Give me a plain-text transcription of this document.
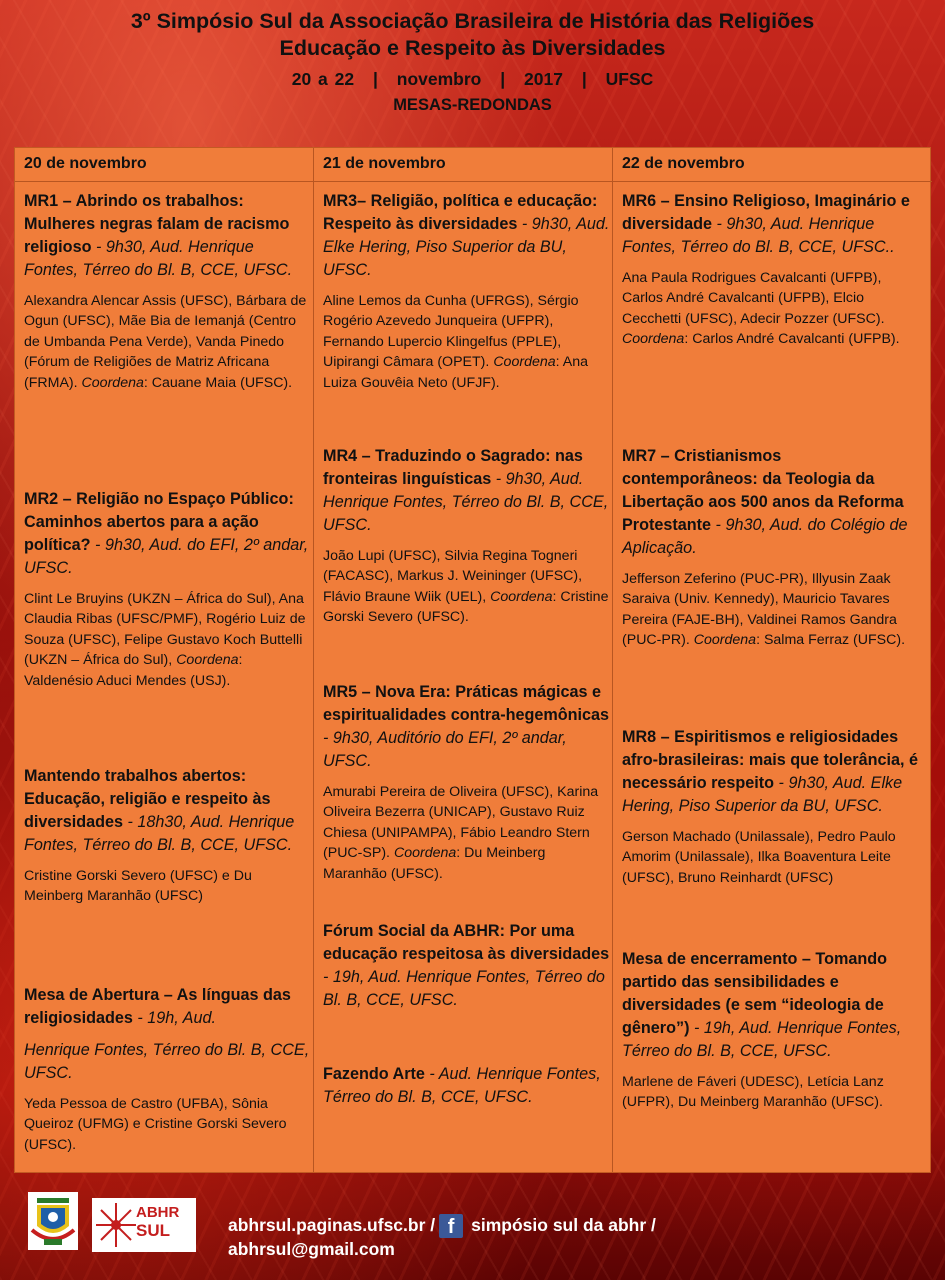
3º Simpósio Sul da Associação Brasileira de História das Religiões
Educação e Respeito às Diversidades
20 a 22 | novembro | 2017 | UFSC
MESAS-REDONDAS
20 de novembro
MR1 – Abrindo os trabalhos: Mulheres negras falam de racismo religioso - 9h30, Aud. Henrique Fontes, Térreo do Bl. B, CCE, UFSC.
Alexandra Alencar Assis (UFSC), Bárbara de Ogun (UFSC), Mãe Bia de Iemanjá (Centro de Umbanda Pena Verde), Vanda Pinedo (Fórum de Religiões de Matriz Africana (FRMA). Coordena: Cauane Maia (UFSC).
MR2 – Religião no Espaço Público: Caminhos abertos para a ação política? - 9h30, Aud. do EFI, 2º andar, UFSC.
Clint Le Bruyins (UKZN – África do Sul), Ana Claudia Ribas (UFSC/PMF), Rogério Luiz de Souza (UFSC), Felipe Gustavo Koch Buttelli (UKZN – África do Sul), Coordena: Valdenésio Aduci Mendes (USJ).
Mantendo trabalhos abertos: Educação, religião e respeito às diversidades - 18h30, Aud. Henrique Fontes, Térreo do Bl. B, CCE, UFSC.
Cristine Gorski Severo (UFSC) e Du Meinberg Maranhão (UFSC)
Mesa de Abertura – As línguas das religiosidades - 19h, Aud.
Henrique Fontes, Térreo do Bl. B, CCE, UFSC.
Yeda Pessoa de Castro (UFBA), Sônia Queiroz (UFMG) e Cristine Gorski Severo (UFSC).
21 de novembro
MR3– Religião, política e educação: Respeito às diversidades - 9h30, Aud. Elke Hering, Piso Superior da BU, UFSC.
Aline Lemos da Cunha (UFRGS), Sérgio Rogério Azevedo Junqueira (UFPR), Fernando Lupercio Klingelfus (PPLE), Uipirangi Câmara (OPET). Coordena: Ana Luiza Gouvêia Neto (UFJF).
MR4 – Traduzindo o Sagrado: nas fronteiras linguísticas - 9h30, Aud. Henrique Fontes, Térreo do Bl. B, CCE, UFSC.
João Lupi (UFSC), Silvia Regina Togneri (FACASC), Markus J. Weininger (UFSC), Flávio Braune Wiik (UEL), Coordena: Cristine Gorski Severo (UFSC).
MR5 – Nova Era: Práticas mágicas e espiritualidades contra-hegemônicas - 9h30, Auditório do EFI, 2º andar, UFSC.
Amurabi Pereira de Oliveira (UFSC), Karina Oliveira Bezerra (UNICAP), Gustavo Ruiz Chiesa (UNIPAMPA), Fábio Leandro Stern (PUC-SP). Coordena: Du Meinberg Maranhão (UFSC).
Fórum Social da ABHR: Por uma educação respeitosa às diversidades - 19h, Aud. Henrique Fontes, Térreo do Bl. B, CCE, UFSC.
Fazendo Arte - Aud. Henrique Fontes, Térreo do Bl. B, CCE, UFSC.
22 de novembro
MR6 – Ensino Religioso, Imaginário e diversidade - 9h30, Aud. Henrique Fontes, Térreo do Bl. B, CCE, UFSC..
Ana Paula Rodrigues Cavalcanti (UFPB), Carlos André Cavalcanti (UFPB), Elcio Cecchetti (UFSC), Adecir Pozzer (UFSC). Coordena: Carlos André Cavalcanti (UFPB).
MR7 – Cristianismos contemporâneos: da Teologia da Libertação aos 500 anos da Reforma Protestante - 9h30, Aud. do Colégio de Aplicação.
Jefferson Zeferino (PUC-PR), Illyusin Zaak Saraiva (Univ. Kennedy), Mauricio Tavares Pereira (FAJE-BH), Valdinei Ramos Gandra (PUC-PR). Coordena: Salma Ferraz (UFSC).
MR8 – Espiritismos e religiosidades afro-brasileiras: mais que tolerância, é necessário respeito - 9h30, Aud. Elke Hering, Piso Superior da BU, UFSC.
Gerson Machado (Unilassale), Pedro Paulo Amorim (Unilassale), Ilka Boaventura Leite (UFSC), Bruno Reinhardt (UFSC)
Mesa de encerramento – Tomando partido das sensibilidades e diversidades (e sem “ideologia de gênero”) - 19h, Aud. Henrique Fontes, Térreo do Bl. B, CCE, UFSC.
Marlene de Fáveri (UDESC), Letícia Lanz (UFPR), Du Meinberg Maranhão (UFSC).
ABHR
SUL	abhrsul.paginas.ufsc.br / f simpósio sul da abhr /
abhrsul@gmail.com
